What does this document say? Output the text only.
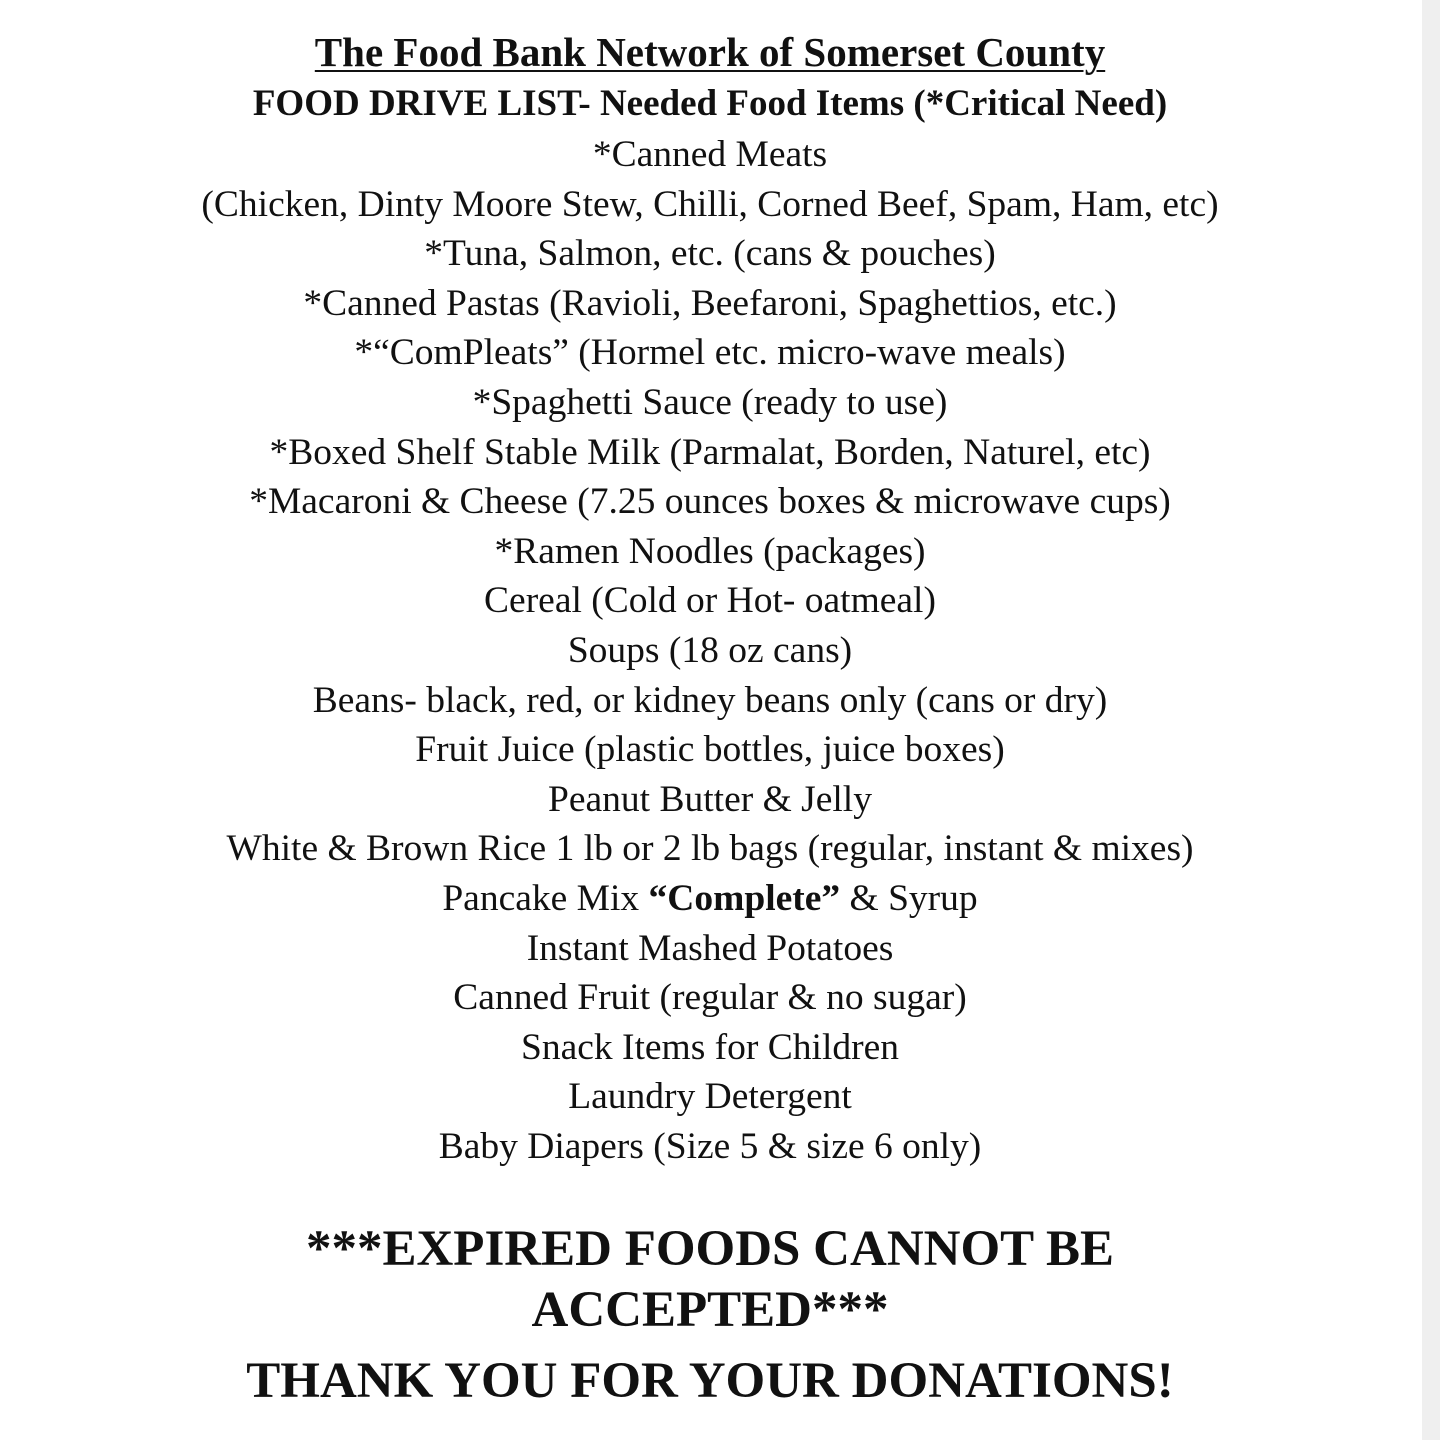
The Food Bank Network of Somerset County

FOOD DRIVE LIST- Needed Food Items (*Critical Need)

*Canned Meats
(Chicken, Dinty Moore Stew, Chilli, Corned Beef, Spam, Ham, etc)
*Tuna, Salmon, etc. (cans & pouches)
*Canned Pastas (Ravioli, Beefaroni, Spaghettios, etc.)
*“ComPleats” (Hormel etc. micro-wave meals)
*Spaghetti Sauce (ready to use)
*Boxed Shelf Stable Milk (Parmalat, Borden, Naturel, etc)
*Macaroni & Cheese (7.25 ounces boxes & microwave cups)
*Ramen Noodles (packages)
Cereal (Cold or Hot- oatmeal)
Soups (18 oz cans)
Beans- black, red, or kidney beans only (cans or dry)
Fruit Juice (plastic bottles, juice boxes)
Peanut Butter & Jelly
White & Brown Rice 1 lb or 2 lb bags (regular, instant & mixes)
Pancake Mix “Complete” & Syrup
Instant Mashed Potatoes
Canned Fruit (regular & no sugar)
Snack Items for Children
Laundry Detergent
Baby Diapers (Size 5 & size 6 only)

***EXPIRED FOODS CANNOT BE

ACCEPTED***

THANK YOU FOR YOUR DONATIONS!
